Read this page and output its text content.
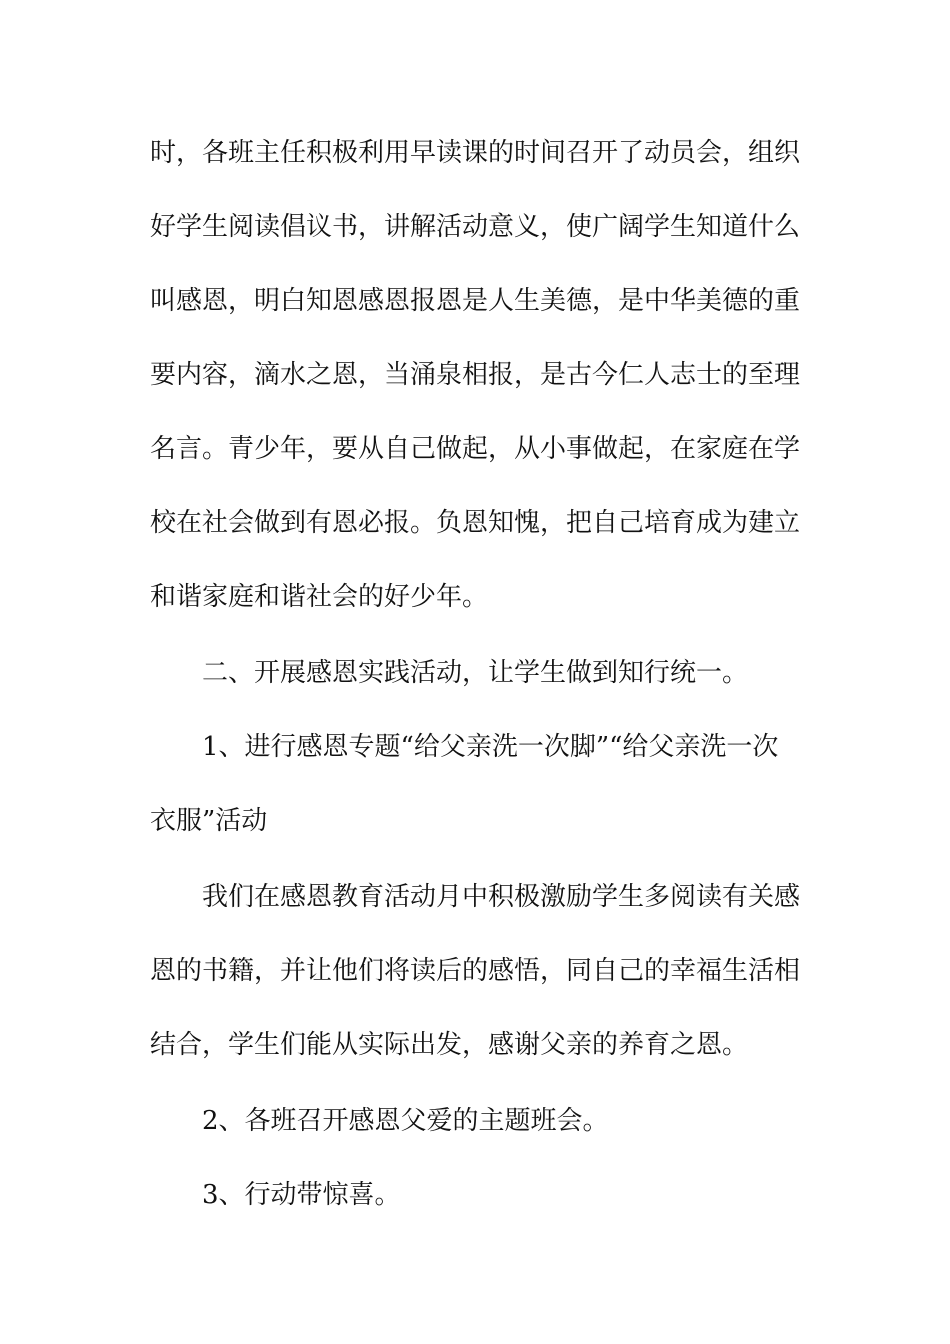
时，各班主任积极利用早读课的时间召开了动员会，组织
好学生阅读倡议书，讲解活动意义，使广阔学生知道什么
叫感恩，明白知恩感恩报恩是人生美德，是中华美德的重
要内容，滴水之恩，当涌泉相报，是古今仁人志士的至理
名言。青少年，要从自己做起，从小事做起，在家庭在学
校在社会做到有恩必报。负恩知愧，把自己培育成为建立
和谐家庭和谐社会的好少年。
二、开展感恩实践活动，让学生做到知行统一。
1、进行感恩专题“给父亲洗一次脚”“给父亲洗一次
衣服”活动
我们在感恩教育活动月中积极激励学生多阅读有关感
恩的书籍，并让他们将读后的感悟，同自己的幸福生活相
结合，学生们能从实际出发，感谢父亲的养育之恩。
2、各班召开感恩父爱的主题班会。
3、行动带惊喜。
